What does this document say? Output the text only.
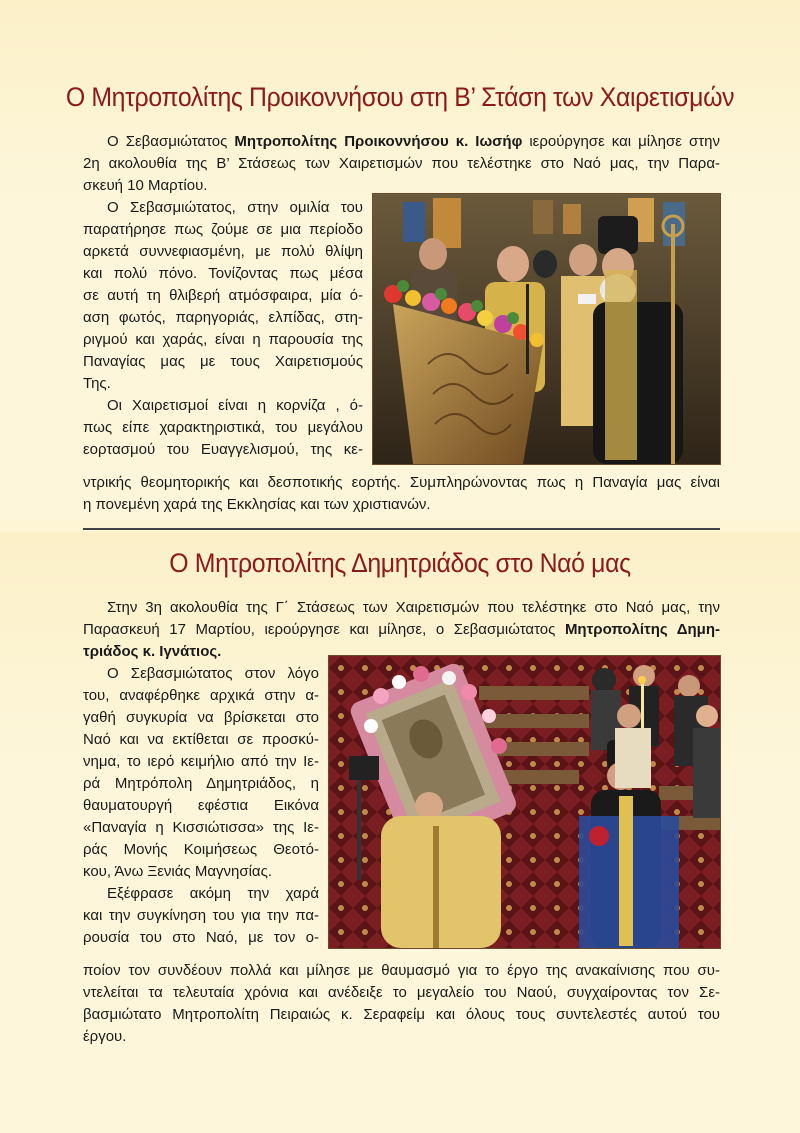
Ο Μητροπολίτης Προικοννήσου στη Β’ Στάση των Χαιρετισμών
Ο Σεβασμιώτατος Μητροπολίτης Προικοννήσου κ. Ιωσήφ ιερούργησε και μίλησε στην
2η ακολουθία της Β’ Στάσεως των Χαιρετισμών που τελέστηκε στο Ναό μας, την Παρα-
σκευή 10 Μαρτίου.
Ο Σεβασμιώτατος, στην ομιλία του
παρατήρησε πως ζούμε σε μια περίοδο
αρκετά συννεφιασμένη, με πολύ θλίψη
και πολύ πόνο. Τονίζοντας πως μέσα
σε αυτή τη θλιβερή ατμόσφαιρα, μία ό-
αση φωτός, παρηγοριάς, ελπίδας, στη-
ριγμού και χαράς, είναι η παρουσία της
Παναγίας μας με τους Χαιρετισμούς
Της.
Οι Χαιρετισμοί είναι η κορνίζα , ό-
πως είπε χαρακτηριστικά, του μεγάλου
εορτασμού του Ευαγγελισμού, της κε-
ντρικής θεομητορικής και δεσποτικής εορτής. Συμπληρώνοντας πως η Παναγία μας είναι
η πονεμένη χαρά της Εκκλησίας και των χριστιανών.
Ο Μητροπολίτης Δημητριάδος στο Ναό μας
Στην 3η ακολουθία της Γ΄ Στάσεως των Χαιρετισμών που τελέστηκε στο Ναό μας, την
Παρασκευή 17 Μαρτίου, ιερούργησε και μίλησε, ο Σεβασμιώτατος Μητροπολίτης Δημη-
τριάδος κ. Ιγνάτιος.
Ο Σεβασμιώτατος στον λόγο
του, αναφέρθηκε αρχικά στην α-
γαθή συγκυρία να βρίσκεται στο
Ναό και να εκτίθεται σε προσκύ-
νημα, το ιερό κειμήλιο από την Ιε-
ρά Μητρόπολη Δημητριάδος, η
θαυματουργή εφέστια Εικόνα
«Παναγία η Κισσιώτισσα» της Ιε-
ράς Μονής Κοιμήσεως Θεοτό-
κου, Άνω Ξενιάς Μαγνησίας.
Εξέφρασε ακόμη την χαρά
και την συγκίνηση του για την πα-
ρουσία του στο Ναό, με τον ο-
ποίον τον συνδέουν πολλά και μίλησε με θαυμασμό για το έργο της ανακαίνισης που συ-
ντελείται τα τελευταία χρόνια και ανέδειξε το μεγαλείο του Ναού, συγχαίροντας τον Σε-
βασμιώτατο Μητροπολίτη Πειραιώς κ. Σεραφείμ και όλους τους συντελεστές αυτού του
έργου.
